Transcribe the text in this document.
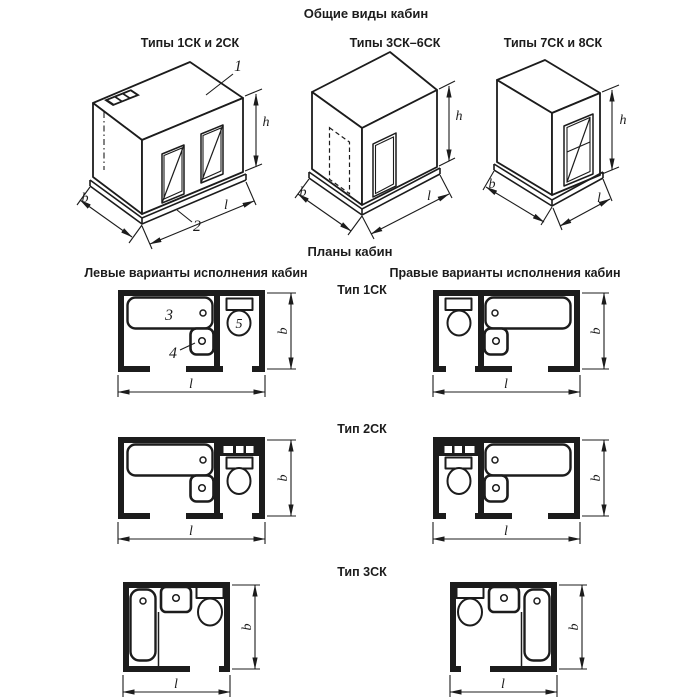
Общие виды кабин
Типы 1СК и 2СК	Типы 3СК–6СК	Типы 7СК и 8СК
1
2
h
b	l
h
b	l
h
b
l
Планы кабин
Левые варианты исполнения кабин	Правые варианты исполнения кабин
Тип 1СК
Тип 2СК
Тип 3СК
3
4
5 b
l
b
l
b
l
b
l
b
l
b
l
